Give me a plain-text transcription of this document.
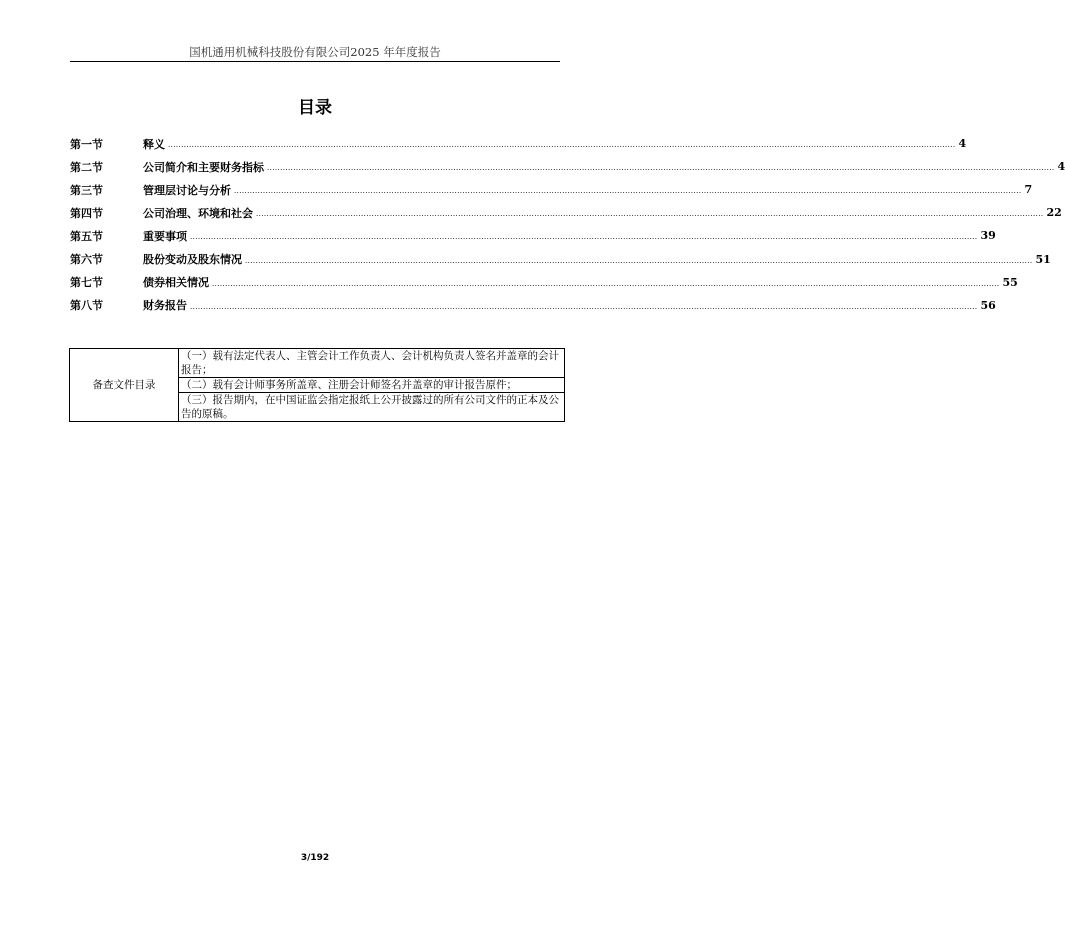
国机通用机械科技股份有限公司2025 年年度报告
目录
第一节	释义 ............................................................................................................................................................................................................................................................................................................ 4
第二节	公司简介和主要财务指标 ............................................................................................................................................................................................................................................................................................................ 4
第三节	管理层讨论与分析 ............................................................................................................................................................................................................................................................................................................ 7
第四节	公司治理、环境和社会 ............................................................................................................................................................................................................................................................................................................ 22
第五节	重要事项 ............................................................................................................................................................................................................................................................................................................ 39
第六节	股份变动及股东情况 ............................................................................................................................................................................................................................................................................................................ 51
第七节	债券相关情况 ............................................................................................................................................................................................................................................................................................................ 55
第八节	财务报告 ............................................................................................................................................................................................................................................................................................................ 56
备查文件目录	（一）载有法定代表人、主管会计工作负责人、会计机构负责人签名并盖章的会计报告；
（二）载有会计师事务所盖章、注册会计师签名并盖章的审计报告原件；
（三）报告期内，在中国证监会指定报纸上公开披露过的所有公司文件的正本及公告的原稿。
3/192
